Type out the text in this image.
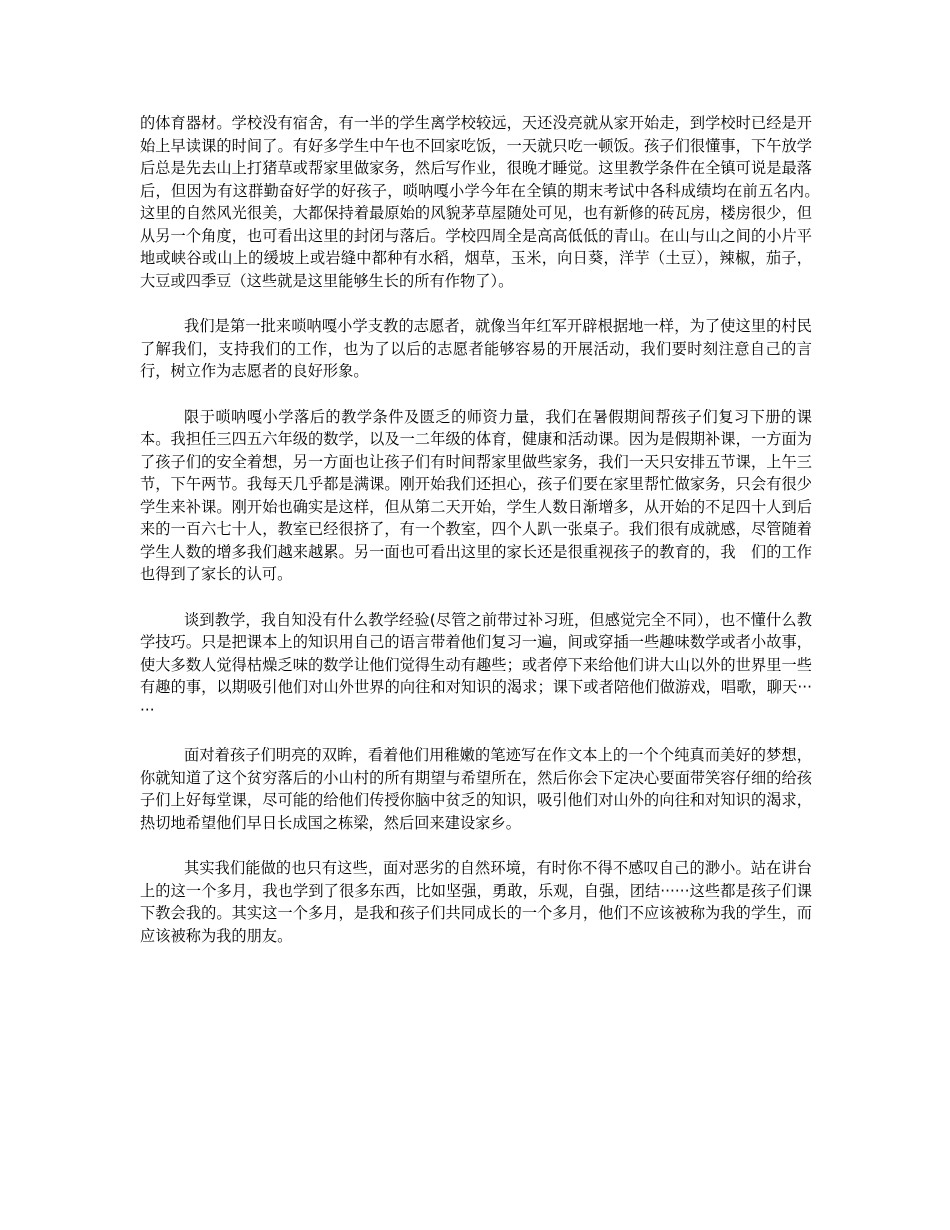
的体育器材。学校没有宿舍，有一半的学生离学校较远，天还没亮就从家开始走，到学校时已经是开始上早读课的时间了。有好多学生中午也不回家吃饭，一天就只吃一顿饭。孩子们很懂事，下午放学后总是先去山上打猪草或帮家里做家务，然后写作业，很晚才睡觉。这里教学条件在全镇可说是最落后，但因为有这群勤奋好学的好孩子，唢呐嘎小学今年在全镇的期末考试中各科成绩均在前五名内。　 这里的自然风光很美，大都保持着最原始的风貌茅草屋随处可见，也有新修的砖瓦房，楼房很少，但从另一个角度，也可看出这里的封闭与落后。学校四周全是高高低低的青山。在山与山之间的小片平地或峡谷或山上的缓坡上或岩缝中都种有水稻，烟草，玉米，向日葵，洋芋（土豆），辣椒，茄子，大豆或四季豆（这些就是这里能够生长的所有作物了）。

我们是第一批来唢呐嘎小学支教的志愿者，就像当年红军开辟根据地一样，为了使这里的村民了解我们，支持我们的工作，也为了以后的志愿者能够容易的开展活动，我们要时刻注意自己的言行，树立作为志愿者的良好形象。

限于唢呐嘎小学落后的教学条件及匮乏的师资力量，我们在暑假期间帮孩子们复习下册的课本。我担任三四五六年级的数学，以及一二年级的体育，健康和活动课。因为是假期补课，一方面为了孩子们的安全着想，另一方面也让孩子们有时间帮家里做些家务，我们一天只安排五节课，上午三节，下午两节。我每天几乎都是满课。刚开始我们还担心，孩子们要在家里帮忙做家务，只会有很少学生来补课。刚开始也确实是这样，但从第二天开始，学生人数日渐增多，从开始的不足四十人到后来的一百六七十人，教室已经很挤了，有一个教室，四个人趴一张桌子。我们很有成就感，尽管随着学生人数的增多我们越来越累。另一面也可看出这里的家长还是很重视孩子的教育的，我　们的工作也得到了家长的认可。

谈到教学，我自知没有什么教学经验(尽管之前带过补习班，但感觉完全不同），也不懂什么教学技巧。只是把课本上的知识用自己的语言带着他们复习一遍，间或穿插一些趣味数学或者小故事，使大多数人觉得枯燥乏味的数学让他们觉得生动有趣些；或者停下来给他们讲大山以外的世界里一些有趣的事，以期吸引他们对山外世界的向往和对知识的渴求；课下或者陪他们做游戏，唱歌，聊天······

面对着孩子们明亮的双眸，看着他们用稚嫩的笔迹写在作文本上的一个个纯真而美好的梦想，你就知道了这个贫穷落后的小山村的所有期望与希望所在，然后你会下定决心要面带笑容仔细的给孩子们上好每堂课，尽可能的给他们传授你脑中贫乏的知识，吸引他们对山外的向往和对知识的渴求，热切地希望他们早日长成国之栋梁，然后回来建设家乡。

其实我们能做的也只有这些，面对恶劣的自然环境，有时你不得不感叹自己的渺小。站在讲台上的这一个多月，我也学到了很多东西，比如坚强，勇敢，乐观，自强，团结······这些都是孩子们课下教会我的。其实这一个多月，是我和孩子们共同成长的一个多月，他们不应该被称为我的学生，而应该被称为我的朋友。
